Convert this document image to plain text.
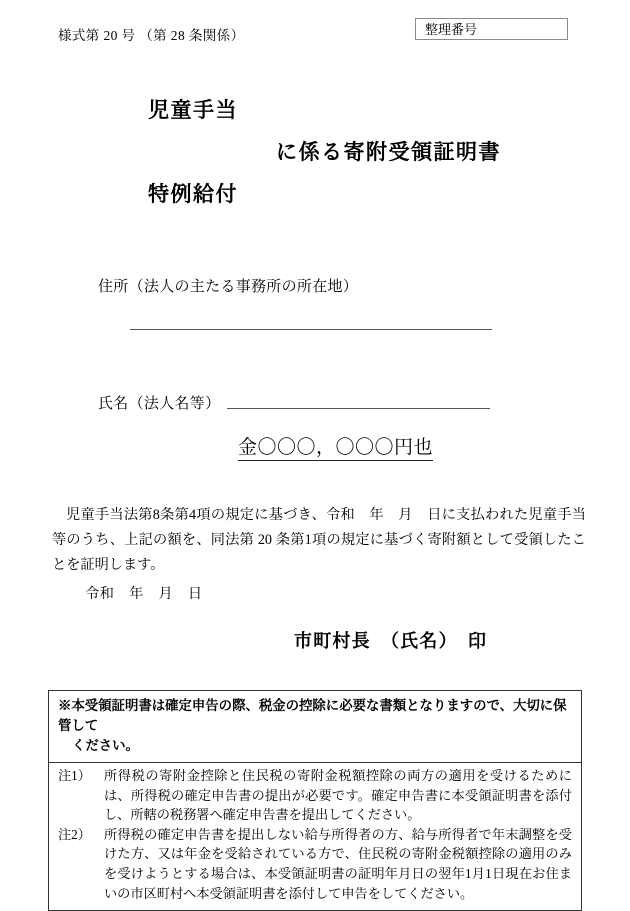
様式第 20 号 （第 28 条関係）	整理番号
児童手当
に係る寄附受領証明書
特例給付
住所（法人の主たる事務所の所在地）
氏名（法人名等）
金〇〇〇，〇〇〇円也
児童手当法第8条第4項の規定に基づき、令和　年　月　日に支払われた児童手当等のうち、上記の額を、同法第 20 条第1項の規定に基づく寄附額として受領したことを証明します。
令和　年　月　日
市町村長　（氏名）　印
※本受領証明書は確定申告の際、税金の控除に必要な書類となりますので、大切に保管して
ください。
注1） 所得税の寄附金控除と住民税の寄附金税額控除の両方の適用を受けるためには、所得税の確定申告書の提出が必要です。確定申告書に本受領証明書を添付し、所轄の税務署へ確定申告書を提出してください。
注2） 所得税の確定申告書を提出しない給与所得者の方、給与所得者で年末調整を受けた方、又は年金を受給されている方で、住民税の寄附金税額控除の適用のみを受けようとする場合は、本受領証明書の証明年月日の翌年1月1日現在お住まいの市区町村へ本受領証明書を添付して申告をしてください。
